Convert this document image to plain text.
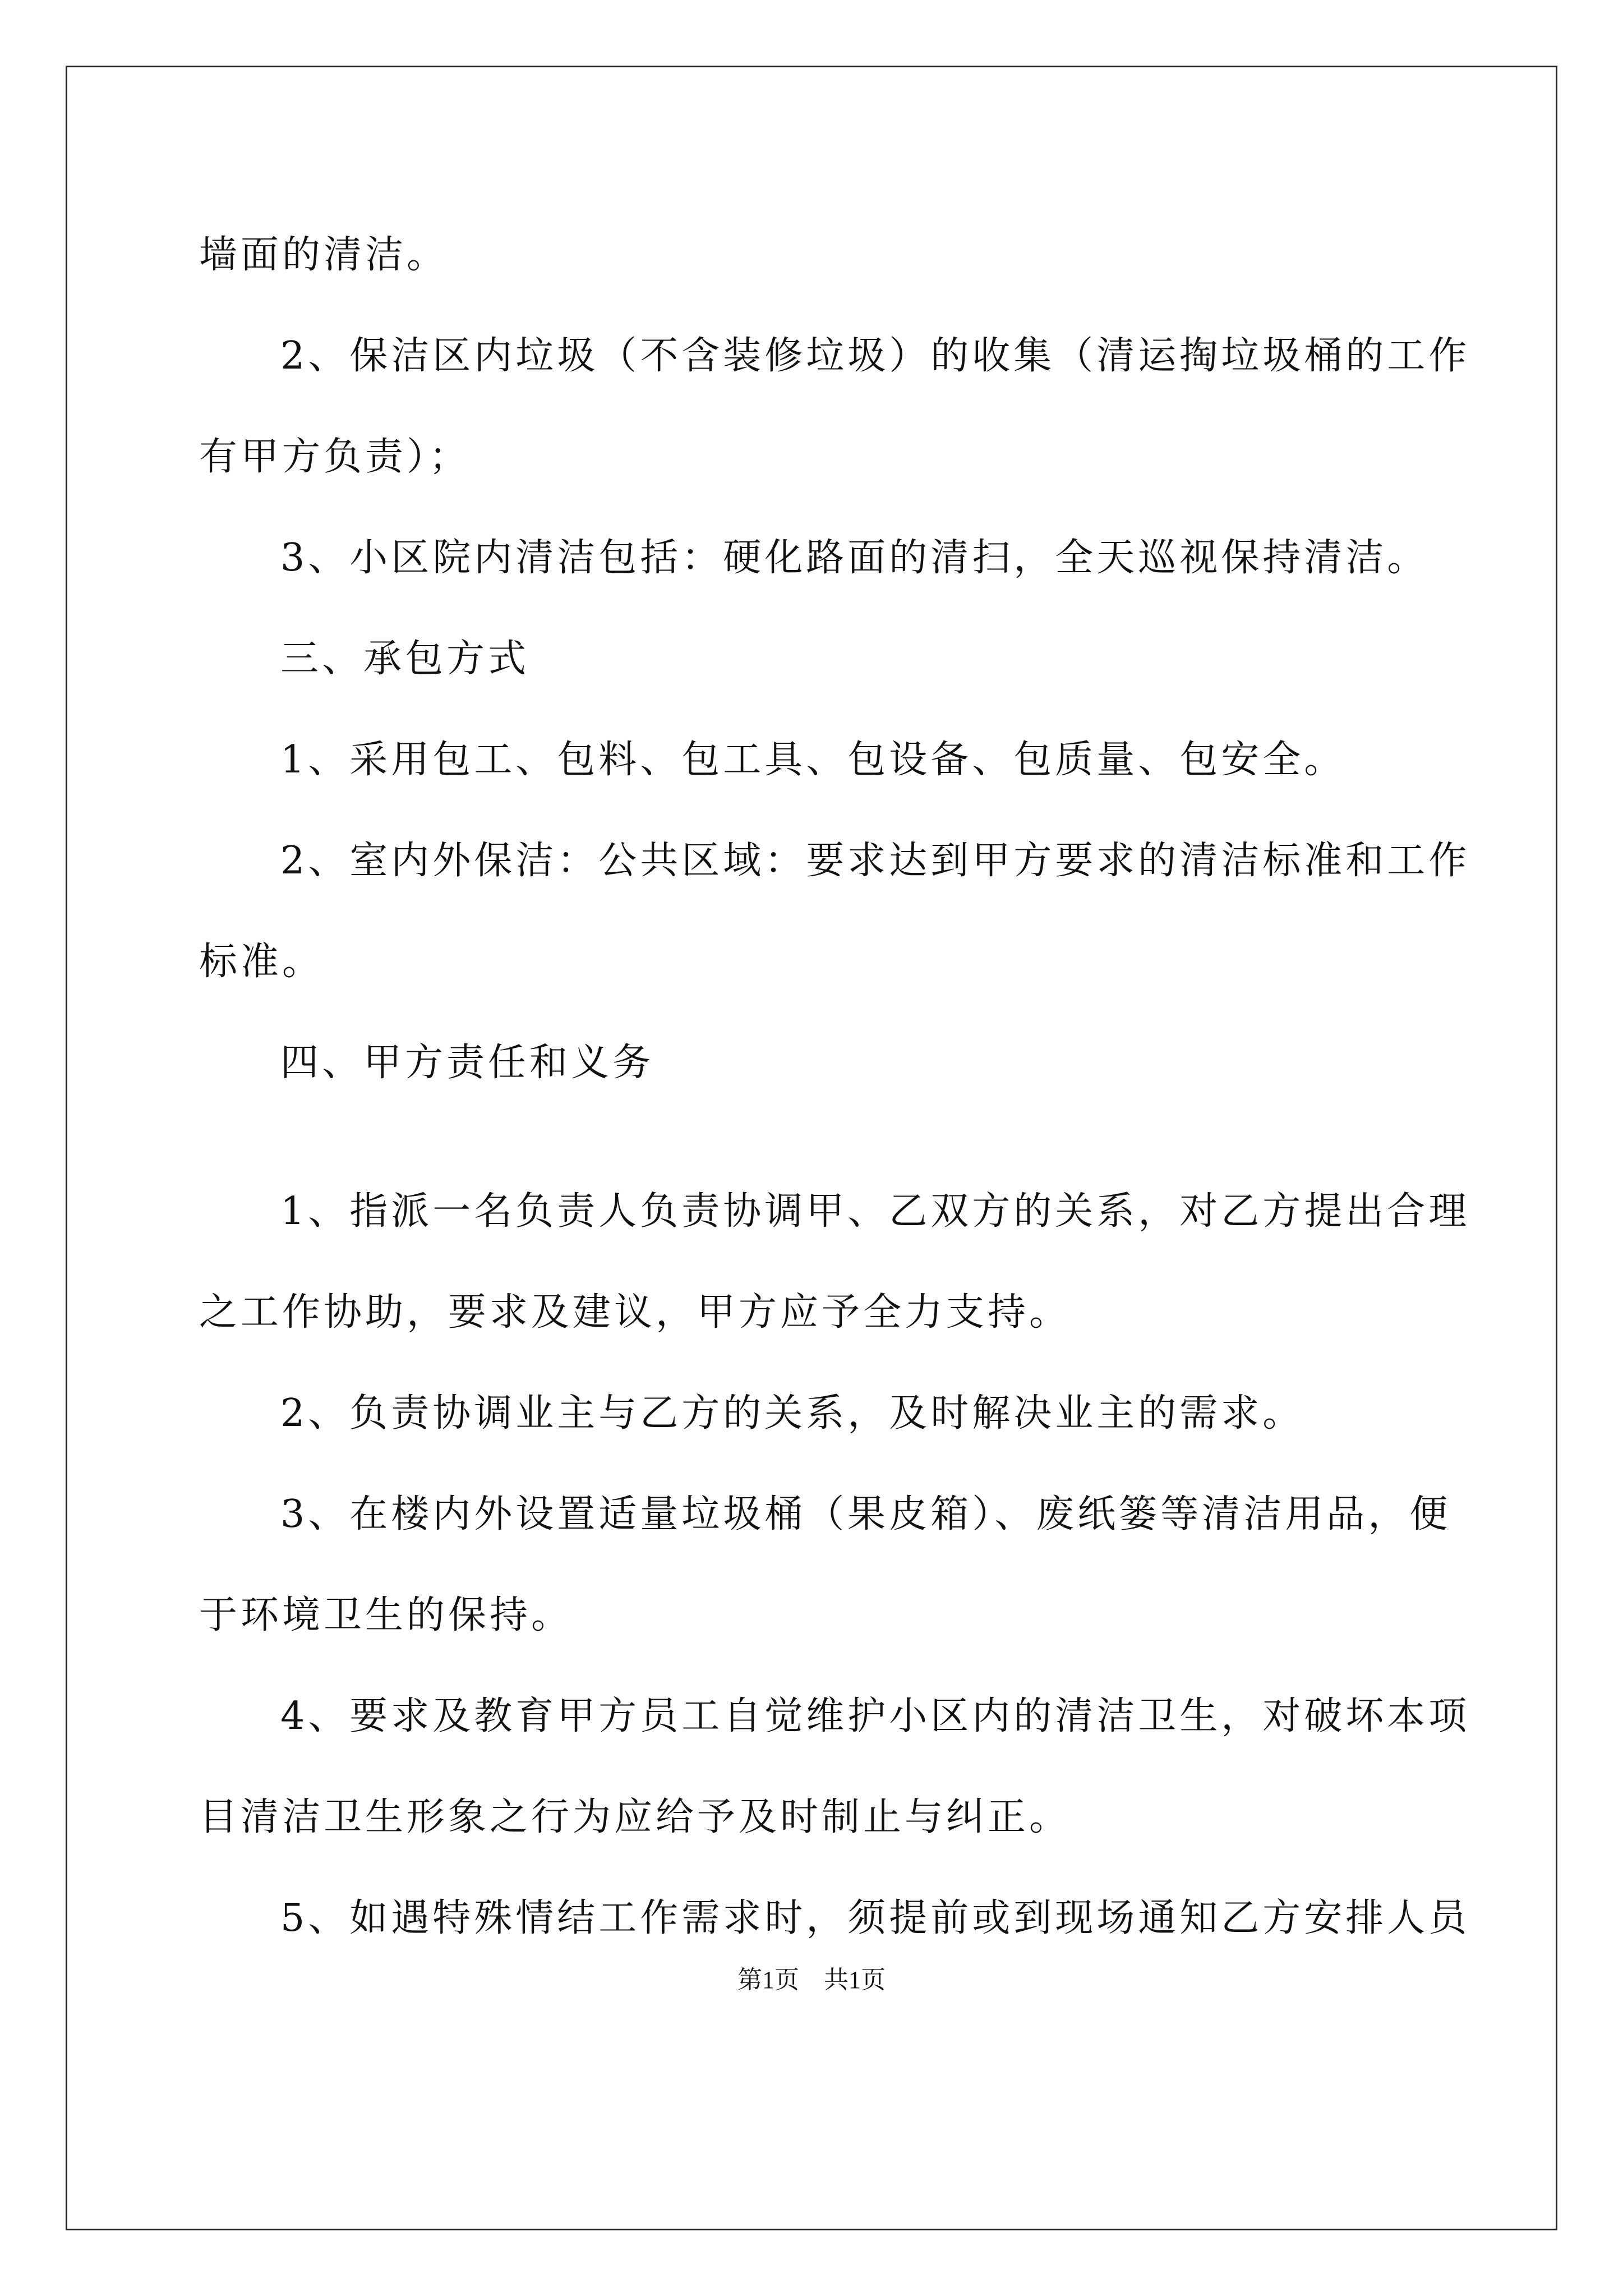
墙面的清洁。
2、保洁区内垃圾（不含装修垃圾）的收集（清运掏垃圾桶的工作
有甲方负责）；
3、小区院内清洁包括：硬化路面的清扫，全天巡视保持清洁。
三、承包方式
1、采用包工、包料、包工具、包设备、包质量、包安全。
2、室内外保洁：公共区域：要求达到甲方要求的清洁标准和工作
标准。
四、甲方责任和义务
1、指派一名负责人负责协调甲、乙双方的关系，对乙方提出合理
之工作协助，要求及建议，甲方应予全力支持。
2、负责协调业主与乙方的关系，及时解决业主的需求。
3、在楼内外设置适量垃圾桶（果皮箱）、废纸篓等清洁用品，便
于环境卫生的保持。
4、要求及教育甲方员工自觉维护小区内的清洁卫生，对破坏本项
目清洁卫生形象之行为应给予及时制止与纠正。
5、如遇特殊情结工作需求时，须提前或到现场通知乙方安排人员
第1页　共1页
